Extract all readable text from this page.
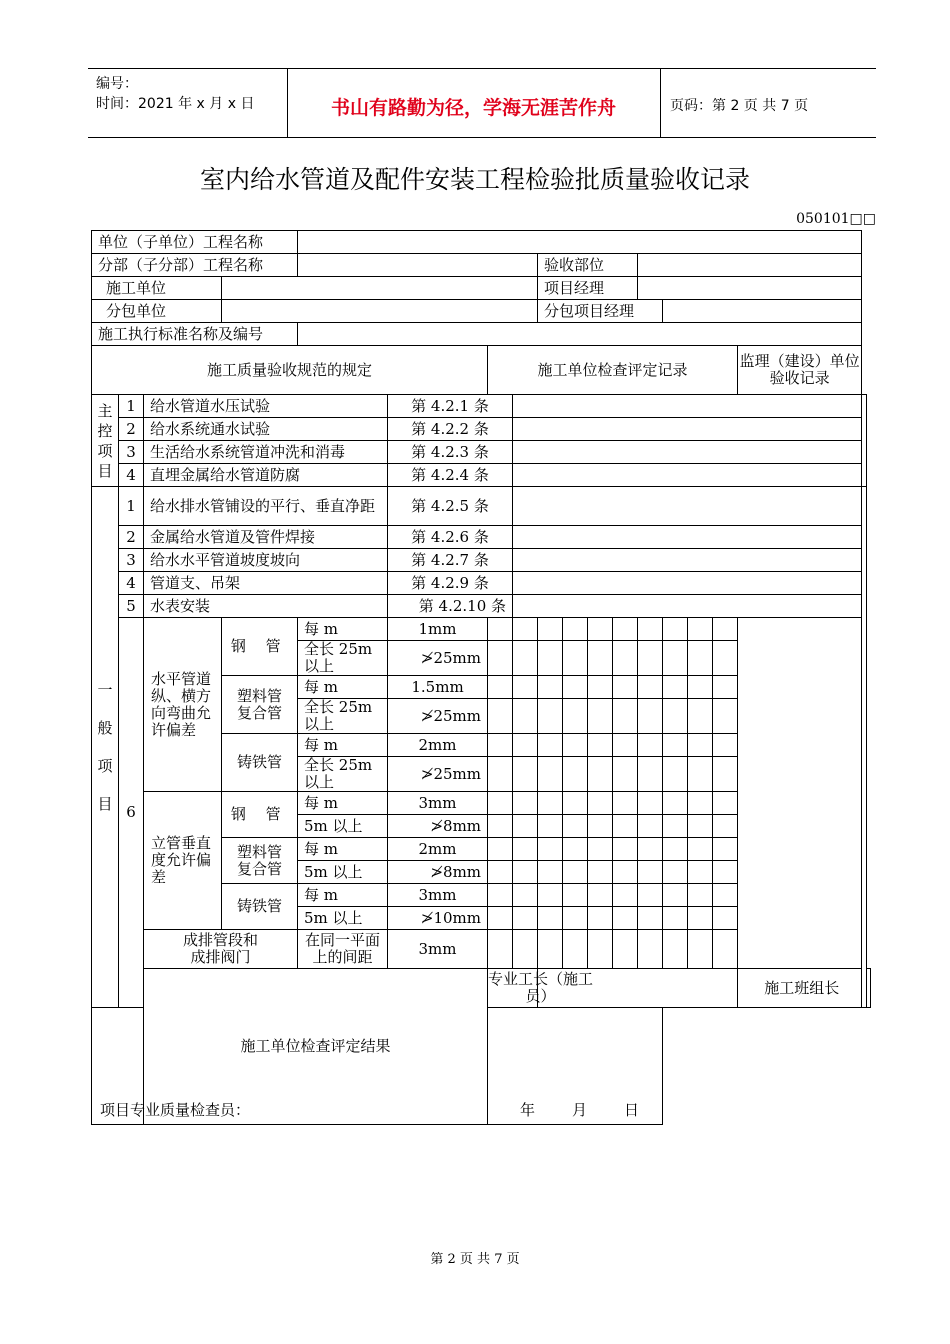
编号：
时间：2021 年 x 月 x 日	书山有路勤为径，学海无涯苦作舟	页码：第 2 页 共 7 页
室内给水管道及配件安装工程检验批质量验收记录
050101□□
单位（子单位）工程名称																		
分部（子分部）工程名称								验收部位										
施工单位								项目经理										
分包单位								分包项目经理										
施工执行标准名称及编号																		
施工质量验收规范的规定						施工单位检查评定记录										监理（建设）单位验收记录		
主控项目	1	给水管道水压试验			第 4.2.1 条													
	2	给水系统通水试验			第 4.2.2 条													
	3	生活给水系统管道冲洗和消毒			第 4.2.3 条													
	4	直埋金属给水管道防腐			第 4.2.4 条													
一般项目	1	给水排水管铺设的平行、垂直净距			第 4.2.5 条													
	2	金属给水管道及管件焊接			第 4.2.6 条													
	3	给水水平管道坡度坡向			第 4.2.7 条													
	4	管道支、吊架			第 4.2.9 条													
	5	水表安装			第 4.2.10 条													
	6	水平管道纵、横方向弯曲允许偏差	钢 管	每 m	1mm													
				全长 25m 以上	≯25mm													
			塑料管复合管	每 m	1.5mm													
				全长 25m 以上	≯25mm													
			铸铁管	每 m	2mm													
				全长 25m 以上	≯25mm													
		立管垂直度允许偏差	钢 管	每 m	3mm													
				5m 以上	≯8mm													
			塑料管复合管	每 m	2mm													
				5m 以上	≯8mm													
			铸铁管	每 m	3mm													
				5m 以上	≯10mm													
		成排管段和成排阀门		在同一平面上的间距	3mm													
		施工单位检查评定结果				专业工长（施工员）										施工班组长		

项目专业质量检查员： 年 月 日																		
第 2 页 共 7 页
